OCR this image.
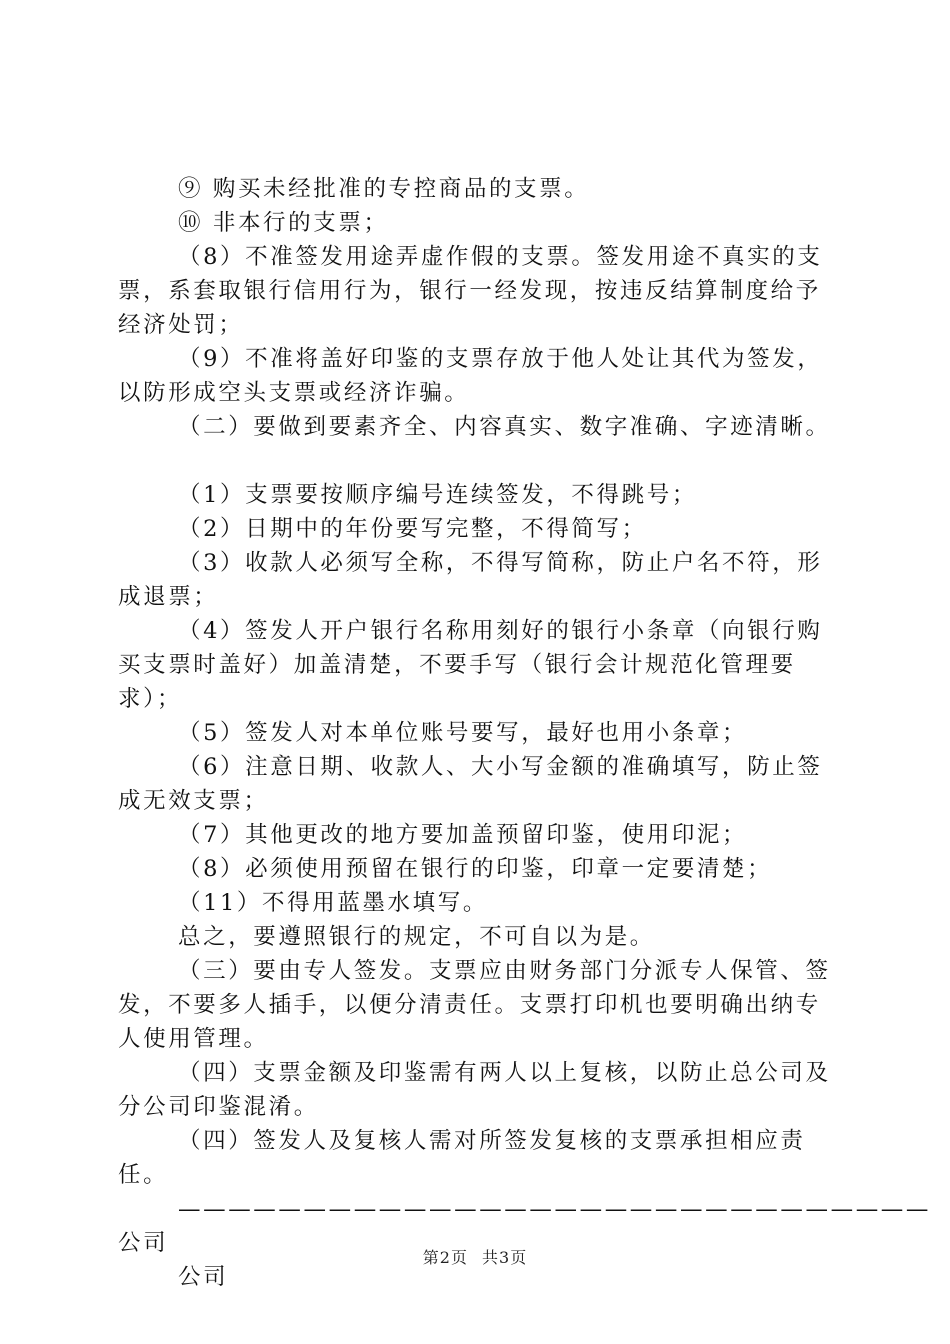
⑨ 购买未经批准的专控商品的支票。

⑩ 非本行的支票；

（8）不准签发用途弄虚作假的支票。签发用途不真实的支票，系套取银行信用行为，银行一经发现，按违反结算制度给予经济处罚；

（9）不准将盖好印鉴的支票存放于他人处让其代为签发，以防形成空头支票或经济诈骗。

（二）要做到要素齐全、内容真实、数字准确、字迹清晰。

（1）支票要按顺序编号连续签发，不得跳号；

（2）日期中的年份要写完整，不得简写；

（3）收款人必须写全称，不得写简称，防止户名不符，形成退票；

（4）签发人开户银行名称用刻好的银行小条章（向银行购买支票时盖好）加盖清楚，不要手写（银行会计规范化管理要求）；

（5）签发人对本单位账号要写，最好也用小条章；

（6）注意日期、收款人、大小写金额的准确填写，防止签成无效支票；

（7）其他更改的地方要加盖预留印鉴，使用印泥；

（8）必须使用预留在银行的印鉴，印章一定要清楚；

（11）不得用蓝墨水填写。

总之，要遵照银行的规定，不可自以为是。

（三）要由专人签发。支票应由财务部门分派专人保管、签发，不要多人插手，以便分清责任。支票打印机也要明确出纳专人使用管理。

（四）支票金额及印鉴需有两人以上复核，以防止总公司及分公司印鉴混淆。

（四）签发人及复核人需对所签发复核的支票承担相应责任。

——————————————————————————————公司

公司

第2页 共3页
